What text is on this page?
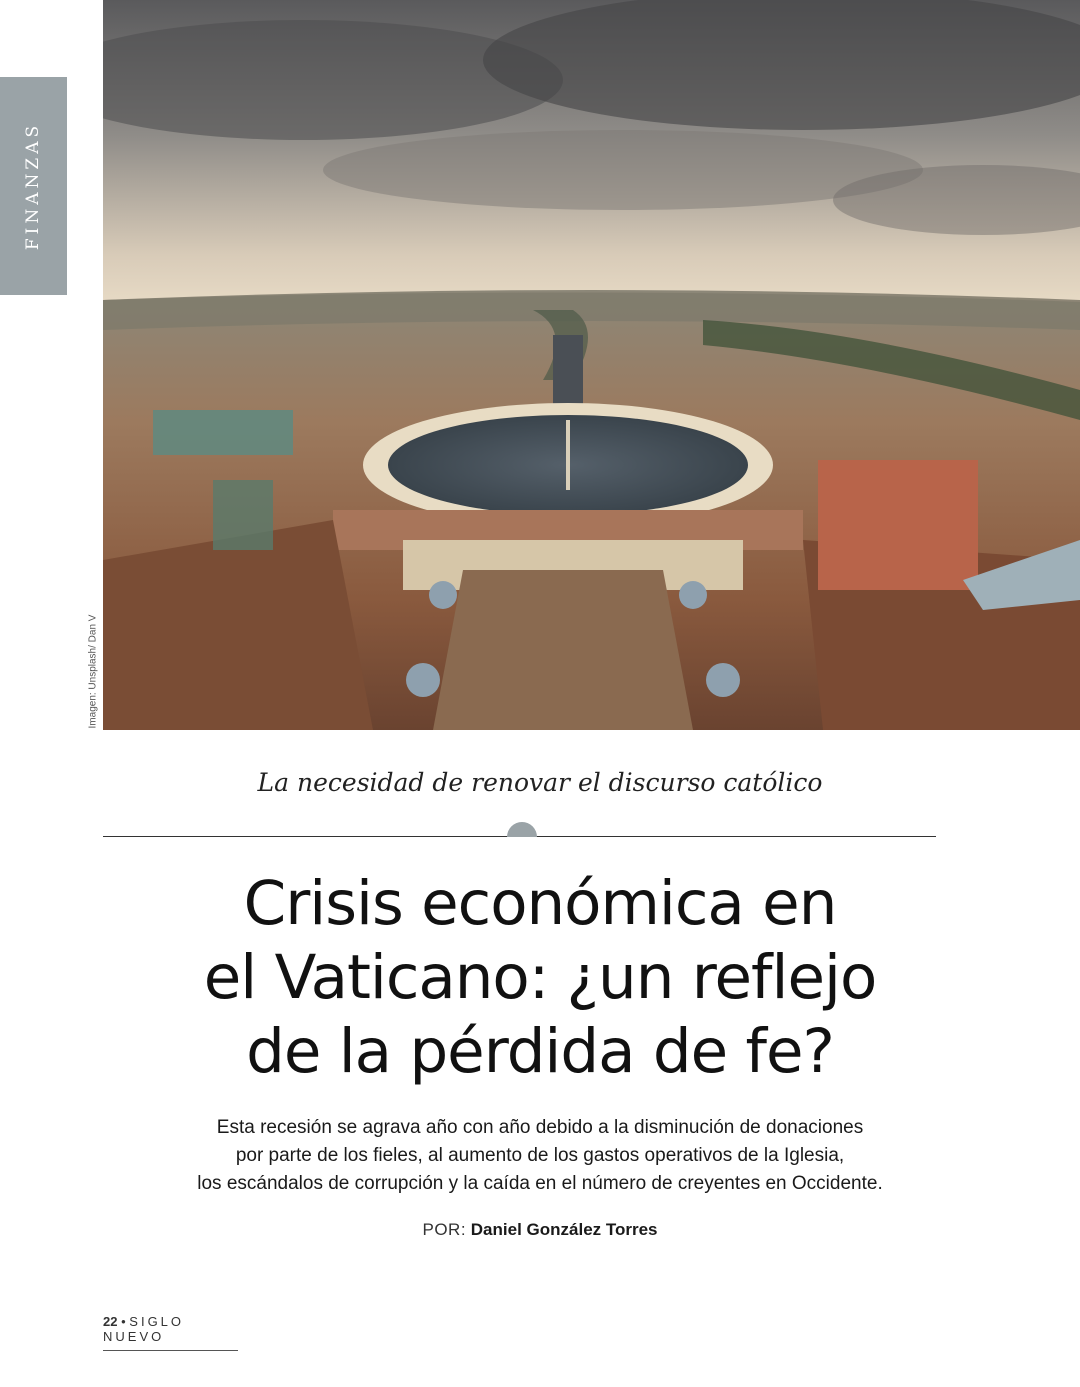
FINANZAS
Imagen: Unsplash/ Dan V
La necesidad de renovar el discurso católico
Crisis económica en
el Vaticano: ¿un reflejo
de la pérdida de fe?
Esta recesión se agrava año con año debido a la disminución de donaciones
por parte de los fieles, al aumento de los gastos operativos de la Iglesia,
los escándalos de corrupción y la caída en el número de creyentes en Occidente.
POR: Daniel González Torres
22 • SIGLO NUEVO
